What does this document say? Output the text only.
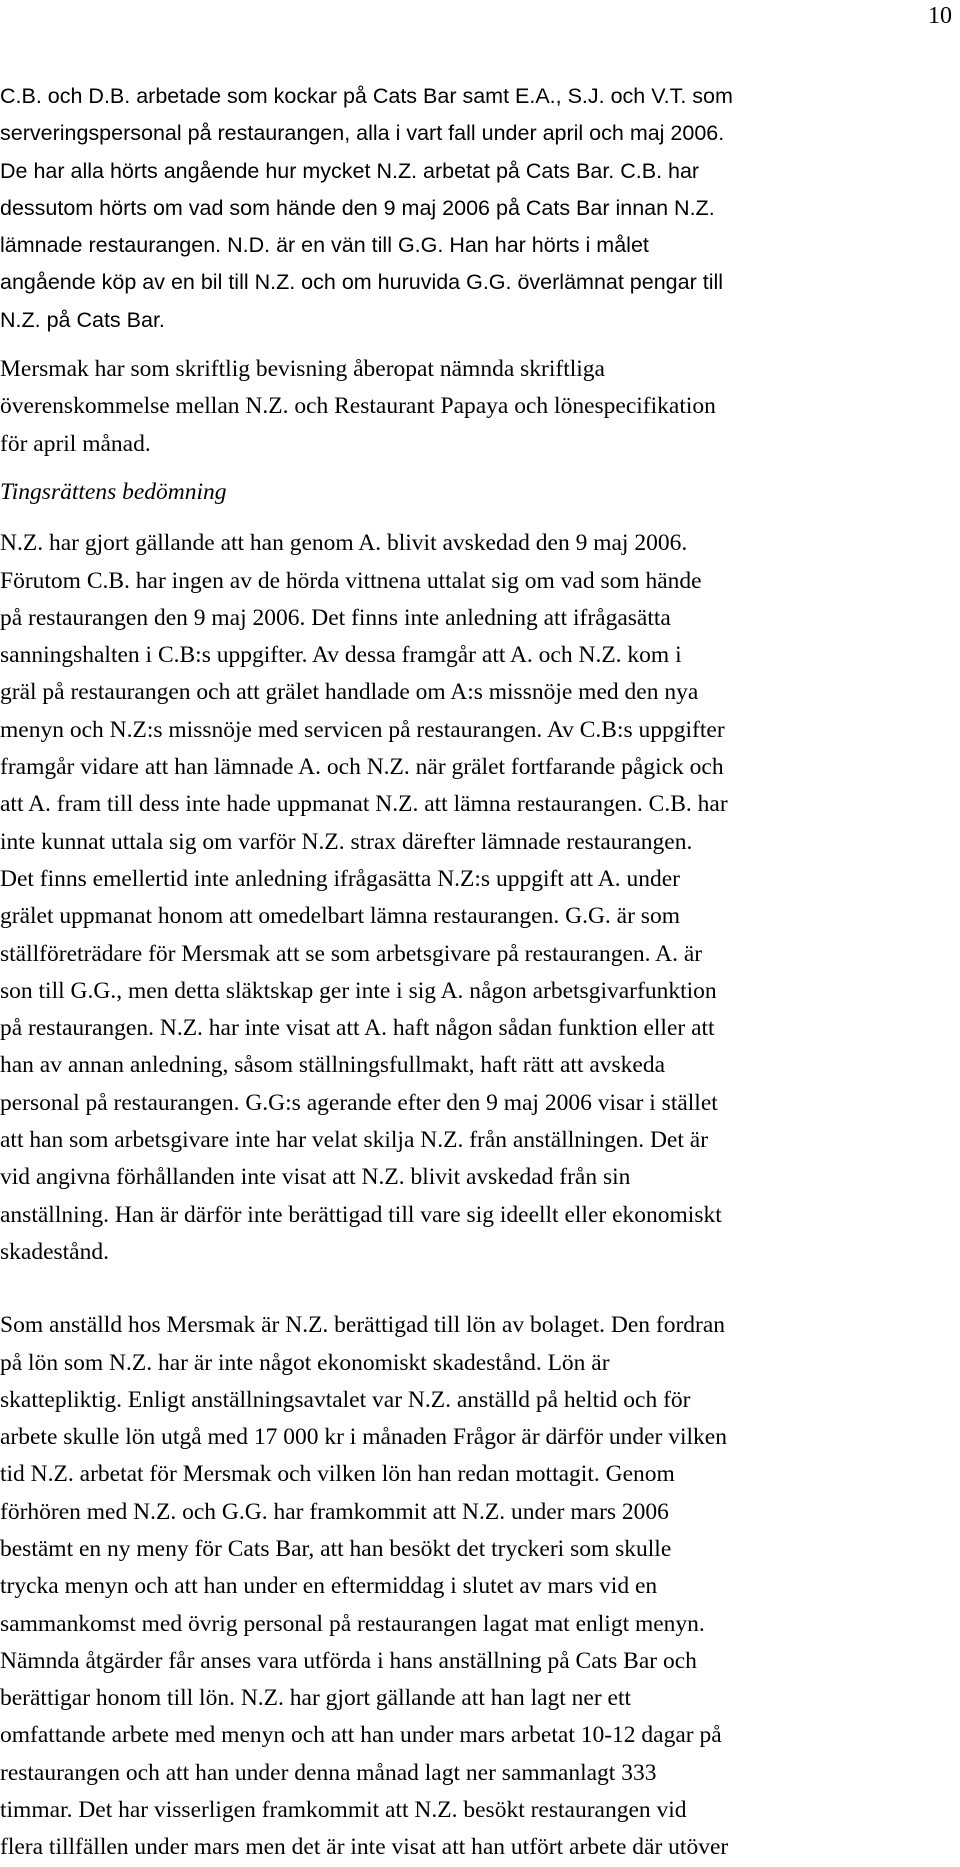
10

C.B. och D.B. arbetade som kockar på Cats Bar samt E.A., S.J. och V.T. som
serveringspersonal på restaurangen, alla i vart fall under april och maj 2006.
De har alla hörts angående hur mycket N.Z. arbetat på Cats Bar. C.B. har
dessutom hörts om vad som hände den 9 maj 2006 på Cats Bar innan N.Z.
lämnade restaurangen. N.D. är en vän till G.G. Han har hörts i målet
angående köp av en bil till N.Z. och om huruvida G.G. överlämnat pengar till
N.Z. på Cats Bar.

Mersmak har som skriftlig bevisning åberopat nämnda skriftliga
överenskommelse mellan N.Z. och Restaurant Papaya och lönespecifikation
för april månad.

Tingsrättens bedömning

N.Z. har gjort gällande att han genom A. blivit avskedad den 9 maj 2006.
Förutom C.B. har ingen av de hörda vittnena uttalat sig om vad som hände
på restaurangen den 9 maj 2006. Det finns inte anledning att ifrågasätta
sanningshalten i C.B:s uppgifter. Av dessa framgår att A. och N.Z. kom i
gräl på restaurangen och att grälet handlade om A:s missnöje med den nya
menyn och N.Z:s missnöje med servicen på restaurangen. Av C.B:s uppgifter
framgår vidare att han lämnade A. och N.Z. när grälet fortfarande pågick och
att A. fram till dess inte hade uppmanat N.Z. att lämna restaurangen. C.B. har
inte kunnat uttala sig om varför N.Z. strax därefter lämnade restaurangen.
Det finns emellertid inte anledning ifrågasätta N.Z:s uppgift att A. under
grälet uppmanat honom att omedelbart lämna restaurangen. G.G. är som
ställföreträdare för Mersmak att se som arbetsgivare på restaurangen. A. är
son till G.G., men detta släktskap ger inte i sig A. någon arbetsgivarfunktion
på restaurangen. N.Z. har inte visat att A. haft någon sådan funktion eller att
han av annan anledning, såsom ställningsfullmakt, haft rätt att avskeda
personal på restaurangen. G.G:s agerande efter den 9 maj 2006 visar i stället
att han som arbetsgivare inte har velat skilja N.Z. från anställningen. Det är
vid angivna förhållanden inte visat att N.Z. blivit avskedad från sin
anställning. Han är därför inte berättigad till vare sig ideellt eller ekonomiskt
skadestånd.

Som anställd hos Mersmak är N.Z. berättigad till lön av bolaget. Den fordran
på lön som N.Z. har är inte något ekonomiskt skadestånd. Lön är
skattepliktig. Enligt anställningsavtalet var N.Z. anställd på heltid och för
arbete skulle lön utgå med 17 000 kr i månaden Frågor är därför under vilken
tid N.Z. arbetat för Mersmak och vilken lön han redan mottagit. Genom
förhören med N.Z. och G.G. har framkommit att N.Z. under mars 2006
bestämt en ny meny för Cats Bar, att han besökt det tryckeri som skulle
trycka menyn och att han under en eftermiddag i slutet av mars vid en
sammankomst med övrig personal på restaurangen lagat mat enligt menyn.
Nämnda åtgärder får anses vara utförda i hans anställning på Cats Bar och
berättigar honom till lön. N.Z. har gjort gällande att han lagt ner ett
omfattande arbete med menyn och att han under mars arbetat 10-12 dagar på
restaurangen och att han under denna månad lagt ner sammanlagt 333
timmar. Det har visserligen framkommit att N.Z. besökt restaurangen vid
flera tillfällen under mars men det är inte visat att han utfört arbete där utöver
